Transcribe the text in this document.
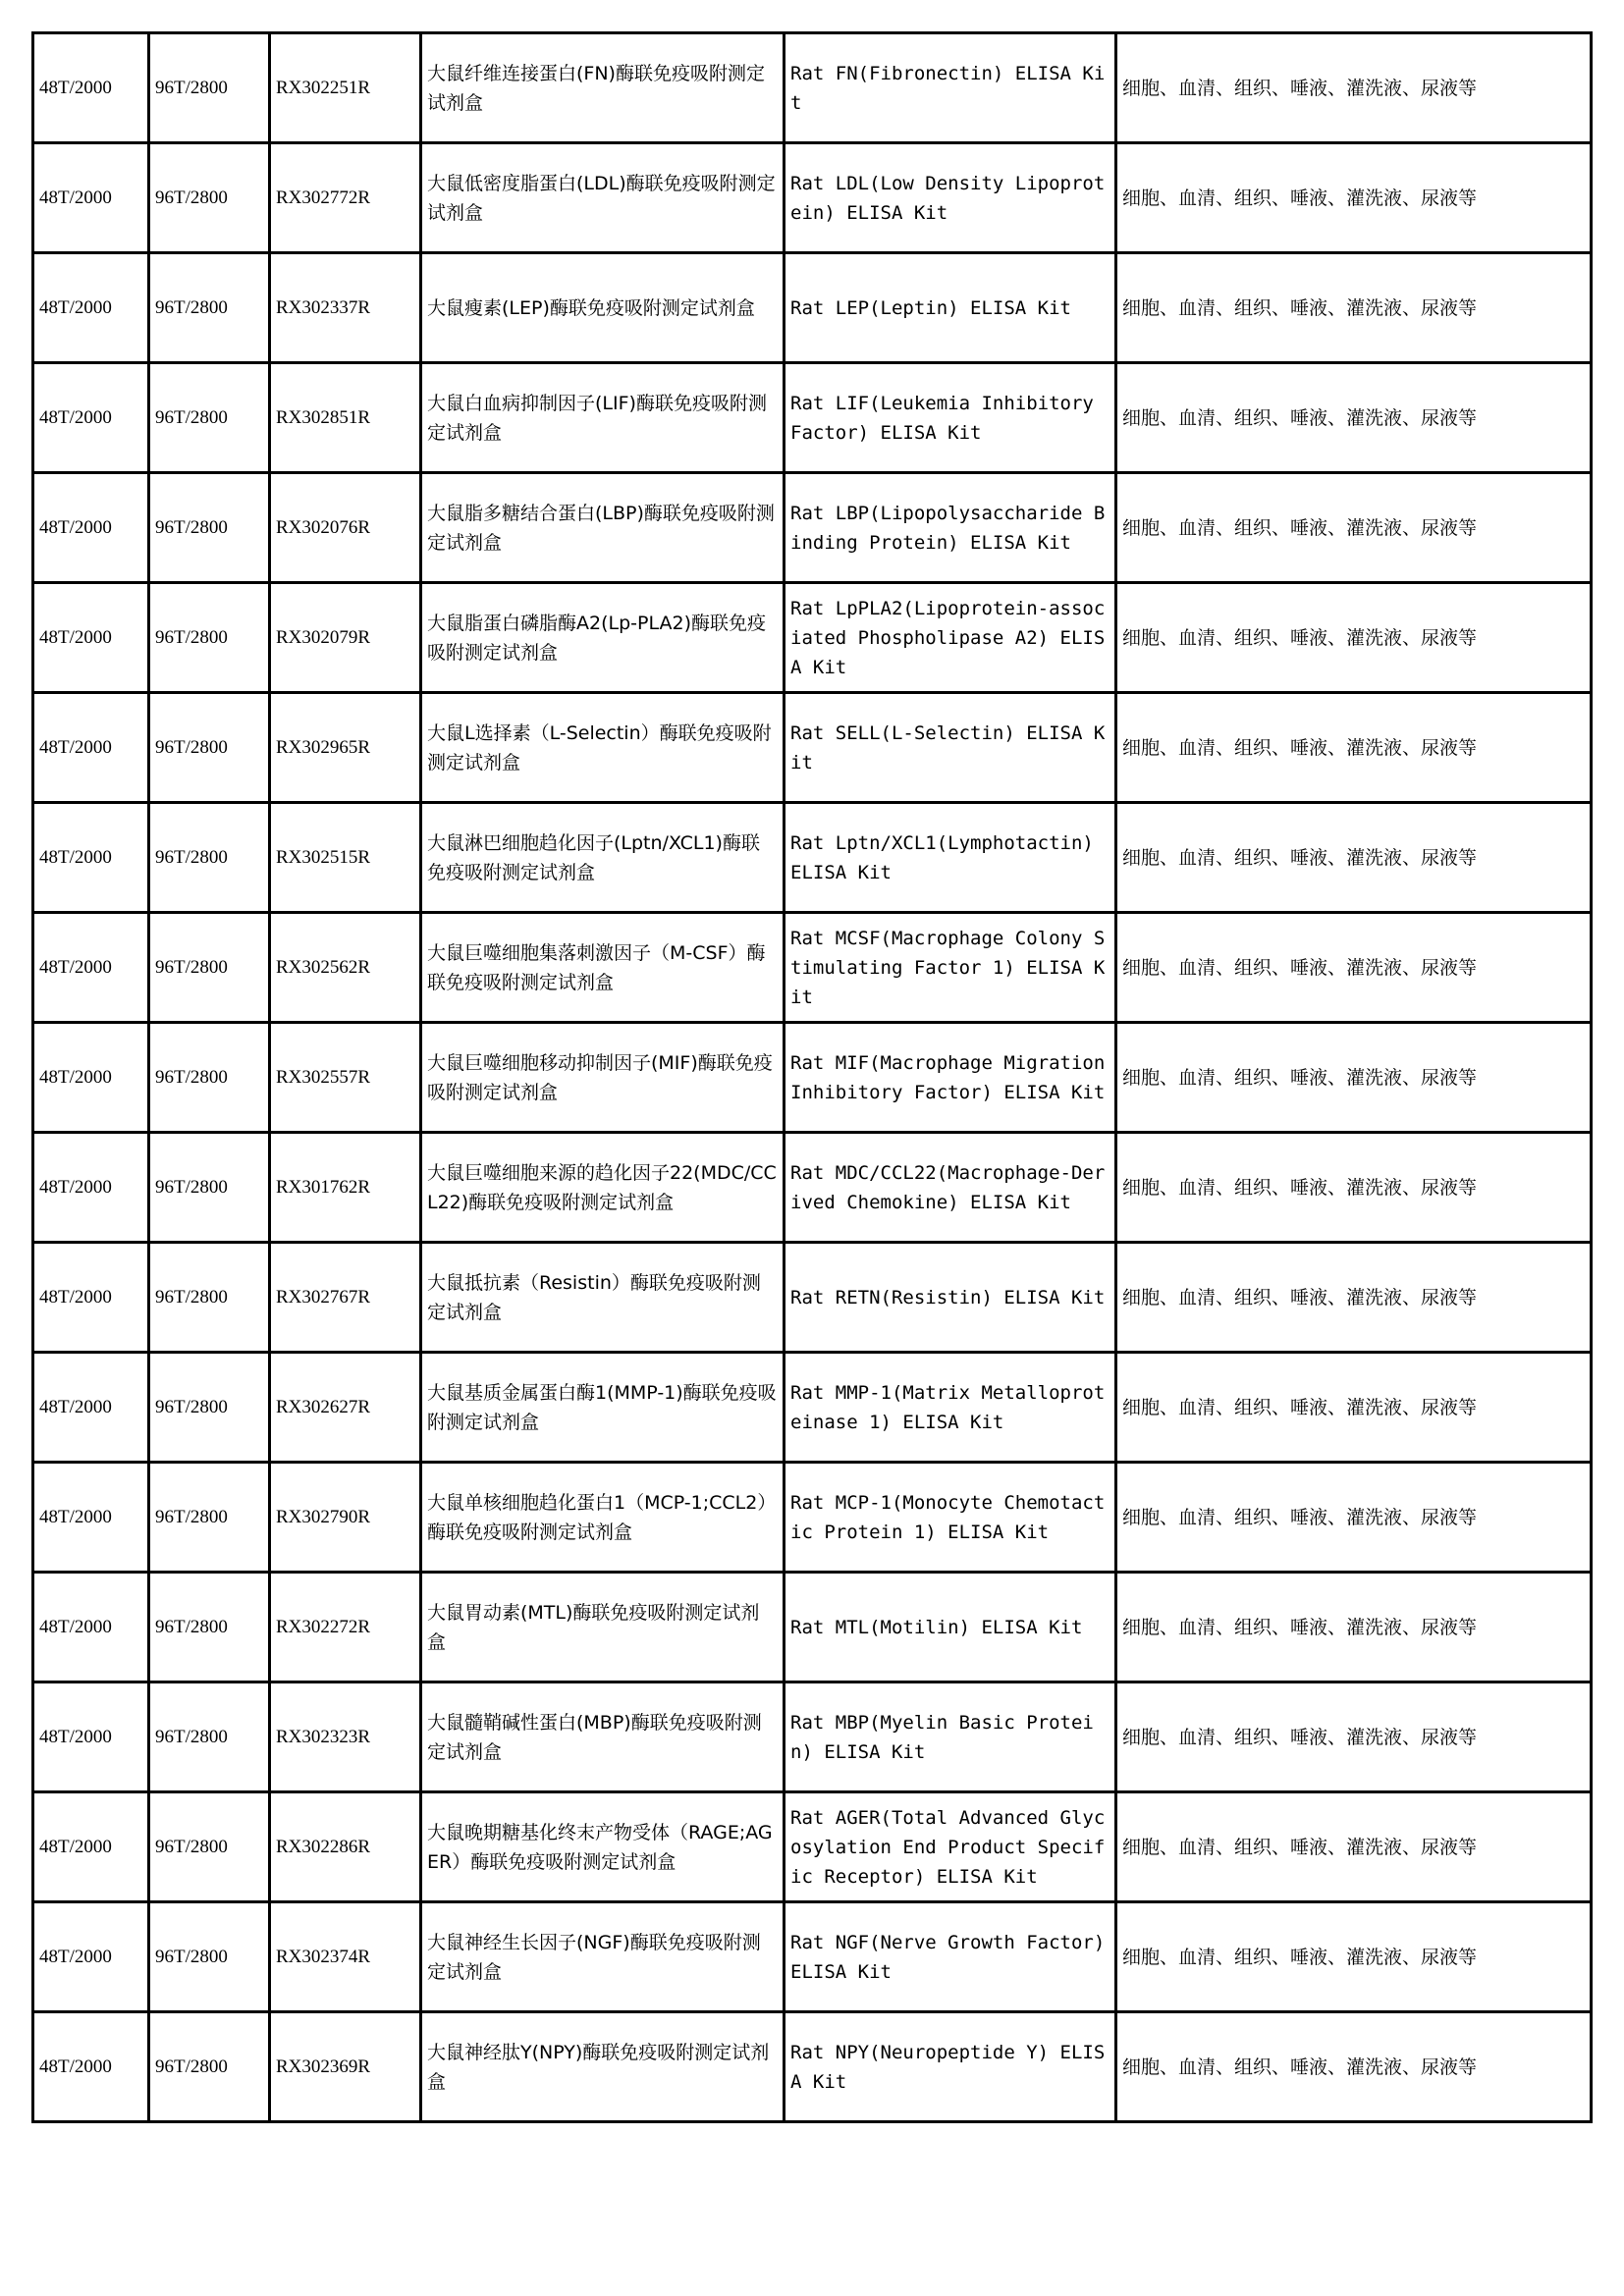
48T/2000	96T/2800	RX302251R	大鼠纤维连接蛋白(FN)酶联免疫吸附测定试剂盒	Rat FN(Fibronectin) ELISA Kit	细胞、血清、组织、唾液、灌洗液、尿液等
48T/2000	96T/2800	RX302772R	大鼠低密度脂蛋白(LDL)酶联免疫吸附测定试剂盒	Rat LDL(Low Density Lipoprotein) ELISA Kit	细胞、血清、组织、唾液、灌洗液、尿液等
48T/2000	96T/2800	RX302337R	大鼠瘦素(LEP)酶联免疫吸附测定试剂盒	Rat LEP(Leptin) ELISA Kit	细胞、血清、组织、唾液、灌洗液、尿液等
48T/2000	96T/2800	RX302851R	大鼠白血病抑制因子(LIF)酶联免疫吸附测定试剂盒	Rat LIF(Leukemia Inhibitory Factor) ELISA Kit	细胞、血清、组织、唾液、灌洗液、尿液等
48T/2000	96T/2800	RX302076R	大鼠脂多糖结合蛋白(LBP)酶联免疫吸附测定试剂盒	Rat LBP(Lipopolysaccharide Binding Protein) ELISA Kit	细胞、血清、组织、唾液、灌洗液、尿液等
48T/2000	96T/2800	RX302079R	大鼠脂蛋白磷脂酶A2(Lp-PLA2)酶联免疫吸附测定试剂盒	Rat LpPLA2(Lipoprotein-associated Phospholipase A2) ELISA Kit	细胞、血清、组织、唾液、灌洗液、尿液等
48T/2000	96T/2800	RX302965R	大鼠L选择素（L-Selectin）酶联免疫吸附测定试剂盒	Rat SELL(L-Selectin) ELISA Kit	细胞、血清、组织、唾液、灌洗液、尿液等
48T/2000	96T/2800	RX302515R	大鼠淋巴细胞趋化因子(Lptn/XCL1)酶联免疫吸附测定试剂盒	Rat Lptn/XCL1(Lymphotactin) ELISA Kit	细胞、血清、组织、唾液、灌洗液、尿液等
48T/2000	96T/2800	RX302562R	大鼠巨噬细胞集落刺激因子（M-CSF）酶联免疫吸附测定试剂盒	Rat MCSF(Macrophage Colony Stimulating Factor 1) ELISA Kit	细胞、血清、组织、唾液、灌洗液、尿液等
48T/2000	96T/2800	RX302557R	大鼠巨噬细胞移动抑制因子(MIF)酶联免疫吸附测定试剂盒	Rat MIF(Macrophage Migration Inhibitory Factor) ELISA Kit	细胞、血清、组织、唾液、灌洗液、尿液等
48T/2000	96T/2800	RX301762R	大鼠巨噬细胞来源的趋化因子22(MDC/CCL22)酶联免疫吸附测定试剂盒	Rat MDC/CCL22(Macrophage-Derived Chemokine) ELISA Kit	细胞、血清、组织、唾液、灌洗液、尿液等
48T/2000	96T/2800	RX302767R	大鼠抵抗素（Resistin）酶联免疫吸附测定试剂盒	Rat RETN(Resistin) ELISA Kit	细胞、血清、组织、唾液、灌洗液、尿液等
48T/2000	96T/2800	RX302627R	大鼠基质金属蛋白酶1(MMP-1)酶联免疫吸附测定试剂盒	Rat MMP-1(Matrix Metalloproteinase 1) ELISA Kit	细胞、血清、组织、唾液、灌洗液、尿液等
48T/2000	96T/2800	RX302790R	大鼠单核细胞趋化蛋白1（MCP-1;CCL2）酶联免疫吸附测定试剂盒	Rat MCP-1(Monocyte Chemotactic Protein 1) ELISA Kit	细胞、血清、组织、唾液、灌洗液、尿液等
48T/2000	96T/2800	RX302272R	大鼠胃动素(MTL)酶联免疫吸附测定试剂盒	Rat MTL(Motilin) ELISA Kit	细胞、血清、组织、唾液、灌洗液、尿液等
48T/2000	96T/2800	RX302323R	大鼠髓鞘碱性蛋白(MBP)酶联免疫吸附测定试剂盒	Rat MBP(Myelin Basic Protein) ELISA Kit	细胞、血清、组织、唾液、灌洗液、尿液等
48T/2000	96T/2800	RX302286R	大鼠晚期糖基化终末产物受体（RAGE;AGER）酶联免疫吸附测定试剂盒	Rat AGER(Total Advanced Glycosylation End Product Specific Receptor) ELISA Kit	细胞、血清、组织、唾液、灌洗液、尿液等
48T/2000	96T/2800	RX302374R	大鼠神经生长因子(NGF)酶联免疫吸附测定试剂盒	Rat NGF(Nerve Growth Factor) ELISA Kit	细胞、血清、组织、唾液、灌洗液、尿液等
48T/2000	96T/2800	RX302369R	大鼠神经肽Y(NPY)酶联免疫吸附测定试剂盒	Rat NPY(Neuropeptide Y) ELISA Kit	细胞、血清、组织、唾液、灌洗液、尿液等
